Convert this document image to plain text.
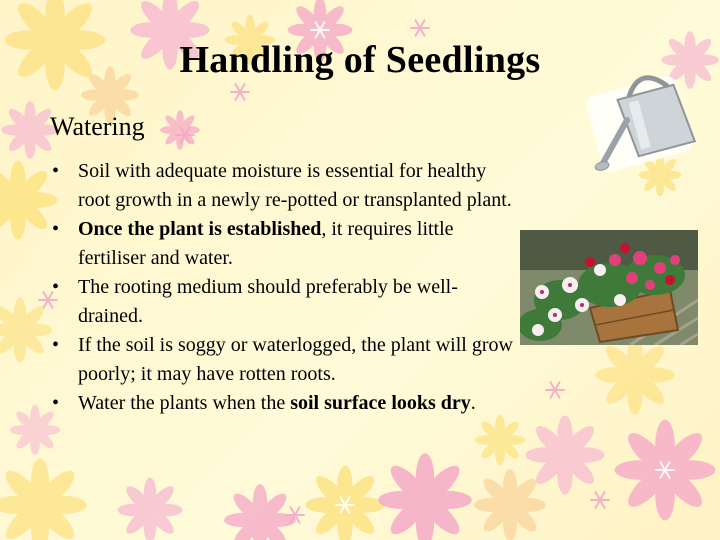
Handling of Seedlings
Watering
• Soil with adequate moisture is essential for healthy root growth in a newly re-potted or transplanted plant.
• Once the plant is established, it requires little fertiliser and water.
• The rooting medium should preferably be well-drained.
• If the soil is soggy or waterlogged, the plant will grow poorly; it may have rotten roots.
• Water the plants when the soil surface looks dry.
